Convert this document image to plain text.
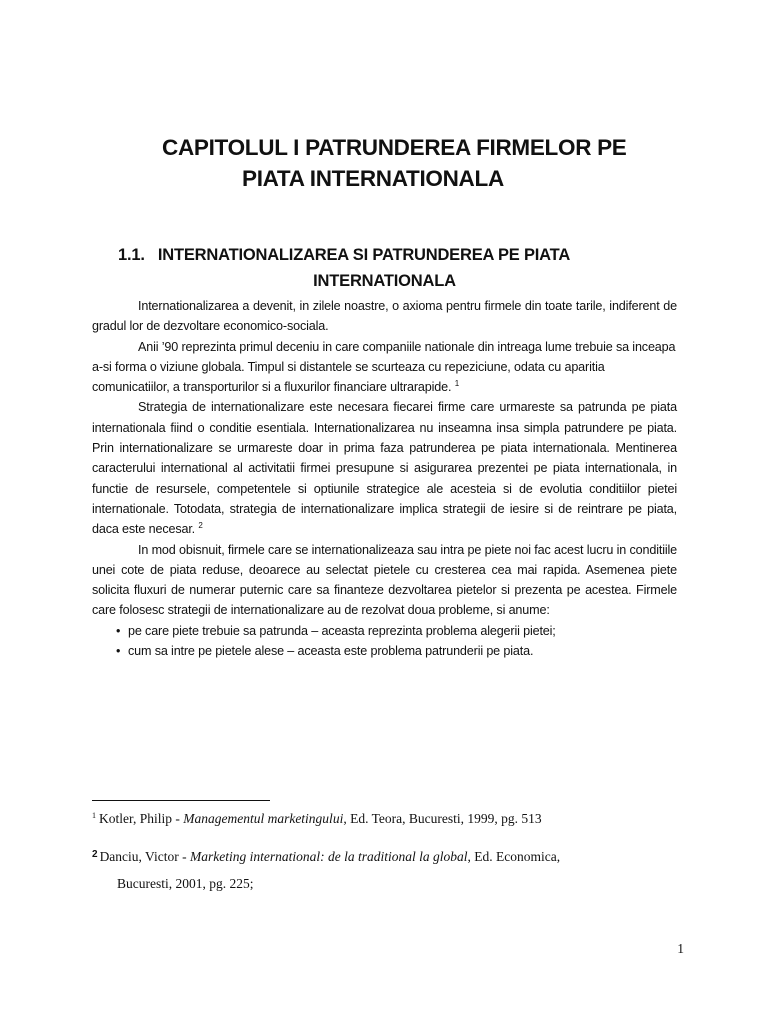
CAPITOLUL I PATRUNDEREA FIRMELOR PE
PIATA INTERNATIONALA
1.1. INTERNATIONALIZAREA SI PATRUNDEREA PE PIATA
INTERNATIONALA

Internationalizarea a devenit, in zilele noastre, o axioma pentru firmele din toate tarile, indiferent de gradul lor de dezvoltare economico-sociala.

Anii ’90 reprezinta primul deceniu in care companiile nationale din intreaga lume trebuie sa inceapa a-si forma o viziune globala. Timpul si distantele se scurteaza cu repeziciune, odata cu aparitia comunicatiilor, a transporturilor si a fluxurilor financiare ultrarapide. $^1$

Strategia de internationalizare este necesara fiecarei firme care urmareste sa patrunda pe piata internationala fiind o conditie esentiala. Internationalizarea nu inseamna insa simpla patrundere pe piata. Prin internationalizare se urmareste doar in prima faza patrunderea pe piata internationala. Mentinerea caracterului international al activitatii firmei presupune si asigurarea prezentei pe piata internationala, in functie de resursele, competentele si optiunile strategice ale acesteia si de evolutia conditiilor pietei internationale. Totodata, strategia de internationalizare implica strategii de iesire si de reintrare pe piata, daca este necesar. $^2$

In mod obisnuit, firmele care se internationalizeaza sau intra pe piete noi fac acest lucru in conditiile unei cote de piata reduse, deoarece au selectat pietele cu cresterea cea mai rapida. Asemenea piete solicita fluxuri de numerar puternic care sa finanteze dezvoltarea pietelor si prezenta pe acestea. Firmele care folosesc strategii de internationalizare au de rezolvat doua probleme, si anume:

• pe care piete trebuie sa patrunda – aceasta reprezinta problema alegerii pietei;
• cum sa intre pe pietele alese – aceasta este problema patrunderii pe piata.
$^1$ Kotler, Philip - Managementul marketingului, Ed. Teora, Bucuresti, 1999, pg. 513
$^2$ Danciu, Victor - Marketing international: de la traditional la global, Ed. Economica,
Bucuresti, 2001, pg. 225;
1
